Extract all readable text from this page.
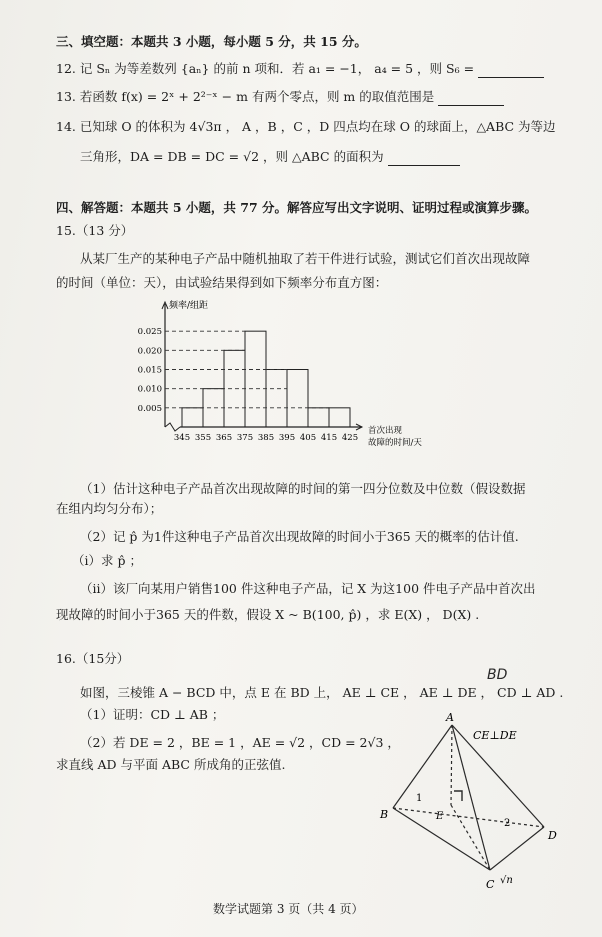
三、填空题：本题共 3 小题，每小题 5 分，共 15 分。
12. 记 Sₙ 为等差数列 {aₙ} 的前 n 项和．若 a₁ = −1， a₄ = 5 ，则 S₆ =
13. 若函数 f(x) = 2ˣ + 2²⁻ˣ − m 有两个零点，则 m 的取值范围是
14. 已知球 O 的体积为 4√3π ， A ，B ，C ，D 四点均在球 O 的球面上，△ABC 为等边
三角形，DA = DB = DC = √2 ，则 △ABC 的面积为
四、解答题：本题共 5 小题，共 77 分。解答应写出文字说明、证明过程或演算步骤。
15.（13 分）
从某厂生产的某种电子产品中随机抽取了若干件进行试验，测试它们首次出现故障
的时间（单位：天），由试验结果得到如下频率分布直方图：
0.005
0.010
0.015
0.020
0.025
345 355 365 375 385 395 405 415 425
频率/组距
首次出现
故障的时间/天
（1）估计这种电子产品首次出现故障的时间的第一四分位数及中位数（假设数据
在组内均匀分布）；
（2）记 p̂ 为1件这种电子产品首次出现故障的时间小于365 天的概率的估计值.
（ⅰ）求 p̂ ；
（ⅱ）该厂向某用户销售100 件这种电子产品，记 X 为这100 件电子产品中首次出
现故障的时间小于365 天的件数，假设 X ~ B(100, p̂) ，求 E(X) ， D(X) .
16.（15分）
如图，三棱锥 A − BCD 中，点 E 在 BD 上， AE ⊥ CE ， AE ⊥ DE ， CD ⊥ AD .
BD
（1）证明：CD ⊥ AB ；
（2）若 DE = 2 ，BE = 1 ，AE = √2 ，CD = 2√3 ，
求直线 AD 与平面 ABC 所成角的正弦值.
A
B
C
D
E
1
2
CE⊥DE
√n
数学试题第 3 页（共 4 页）
